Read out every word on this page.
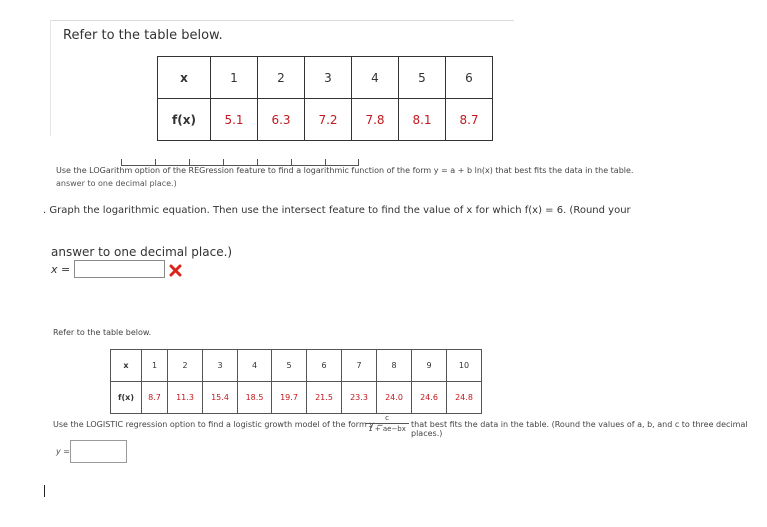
Refer to the table below.
x	1	2	3	4	5	6
f(x)	5.1	6.3	7.2	7.8	8.1	8.7
Use the LOGarithm option of the REGression feature to find a logarithmic function of the form y = a + b ln(x) that best fits the data in the table.
answer to one decimal place.)
. Graph the logarithmic equation. Then use the intersect feature to find the value of x for which f(x) = 6. (Round your
answer to one decimal place.)
x =
Refer to the table below.
x	1	2	3	4	5	6	7	8	9	10
f(x)	8.7	11.3	15.4	18.5	19.7	21.5	23.3	24.0	24.6	24.8
Use the LOGISTIC regression option to find a logistic growth model of the form y =
$\frac{c}{1 + ae-bx}$ that best fits the data in the table. (Round the values of a, b, and c to three decimal places.)
y =
